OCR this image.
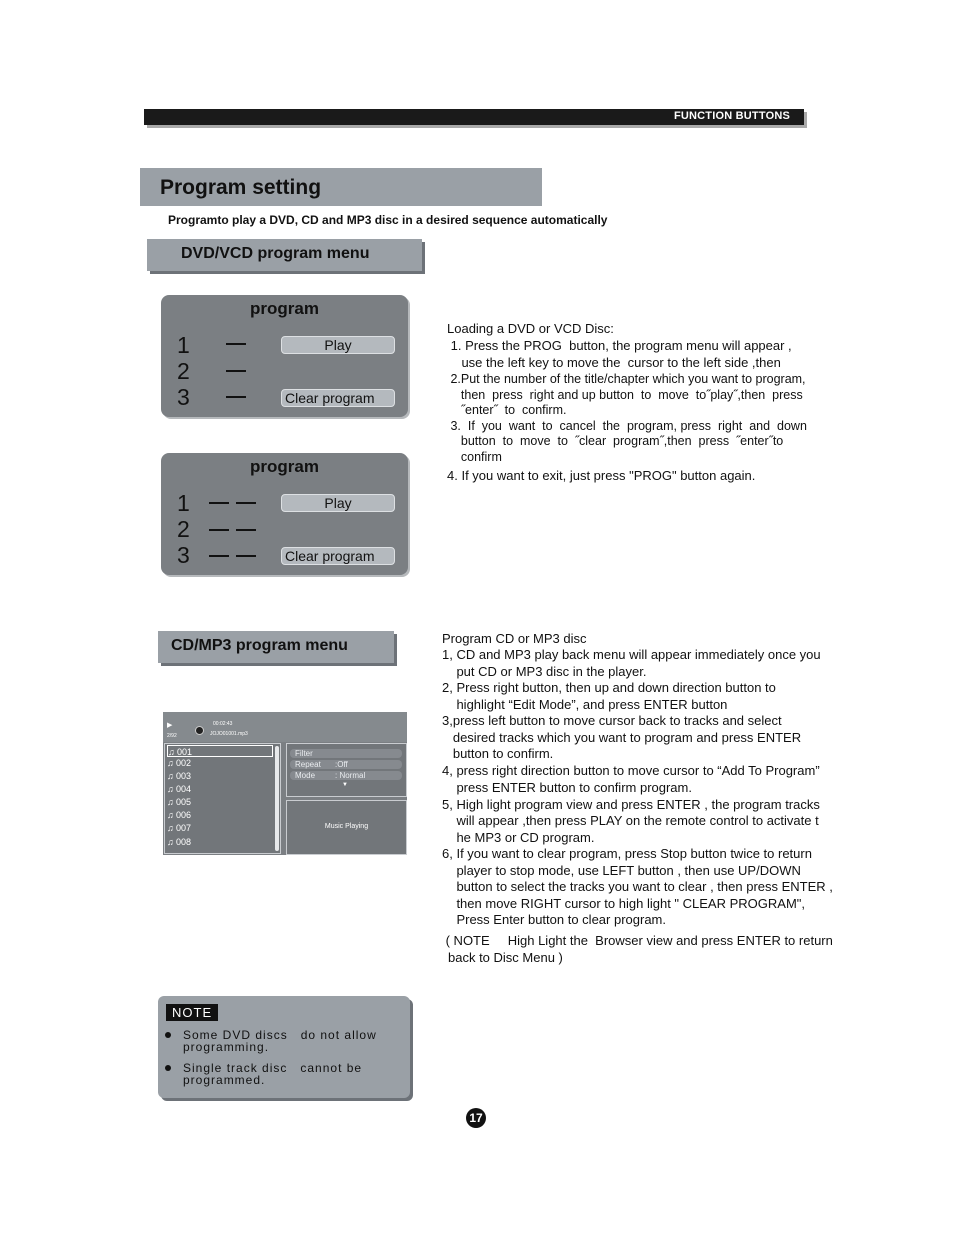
FUNCTION BUTTONS
Program setting
Programto play a DVD, CD and MP3 disc in a desired sequence automatically
DVD/VCD program menu
program
1
2
3
Play
Clear program
program
1
2
3
Play
Clear program
Loading a DVD or VCD Disc:
1. Press the PROG  button, the program menu will appear ,
use the left key to move the  cursor to the left side ,then
2.Put the number of the title/chapter which you want to program,
then  press  right and up button  to  move  to˝play˝,then  press
˝enter˝  to  confirm.
3.  If  you  want  to  cancel  the  program, press  right  and  down
button  to  move  to  ˝clear  program˝,then  press  ˝enter˝to
confirm
4. If you want to exit, just press "PROG" button again.
CD/MP3 program menu
▶
2/92
00:02:43
JOJO01001.mp3
♫ 001
♫ 002
♫ 003
♫ 004
♫ 005
♫ 006
♫ 007
♫ 008
Filter
Repeat :Off
Mode : Normal
▼
Music Playing
Program CD or MP3 disc
1, CD and MP3 play back menu will appear immediately once you
put CD or MP3 disc in the player.
2, Press right button, then up and down direction button to
highlight “Edit Mode”, and press ENTER button
3,press left button to move cursor back to tracks and select
desired tracks which you want to program and press ENTER
button to confirm.
4, press right direction button to move cursor to “Add To Program”
press ENTER button to confirm program.
5, High light program view and press ENTER , the program tracks
will appear ,then press PLAY on the remote control to activate t
he MP3 or CD program.
6, If you want to clear program, press Stop button twice to return
player to stop mode, use LEFT button , then use UP/DOWN
button to select the tracks you want to clear , then press ENTER ,
then move RIGHT cursor to high light " CLEAR PROGRAM",
Press Enter button to clear program.
( NOTE     High Light the  Browser view and press ENTER to return
back to Disc Menu )
NOTE
Some DVD discs   do not allow
programming.
Single track disc   cannot be
programmed.
17
